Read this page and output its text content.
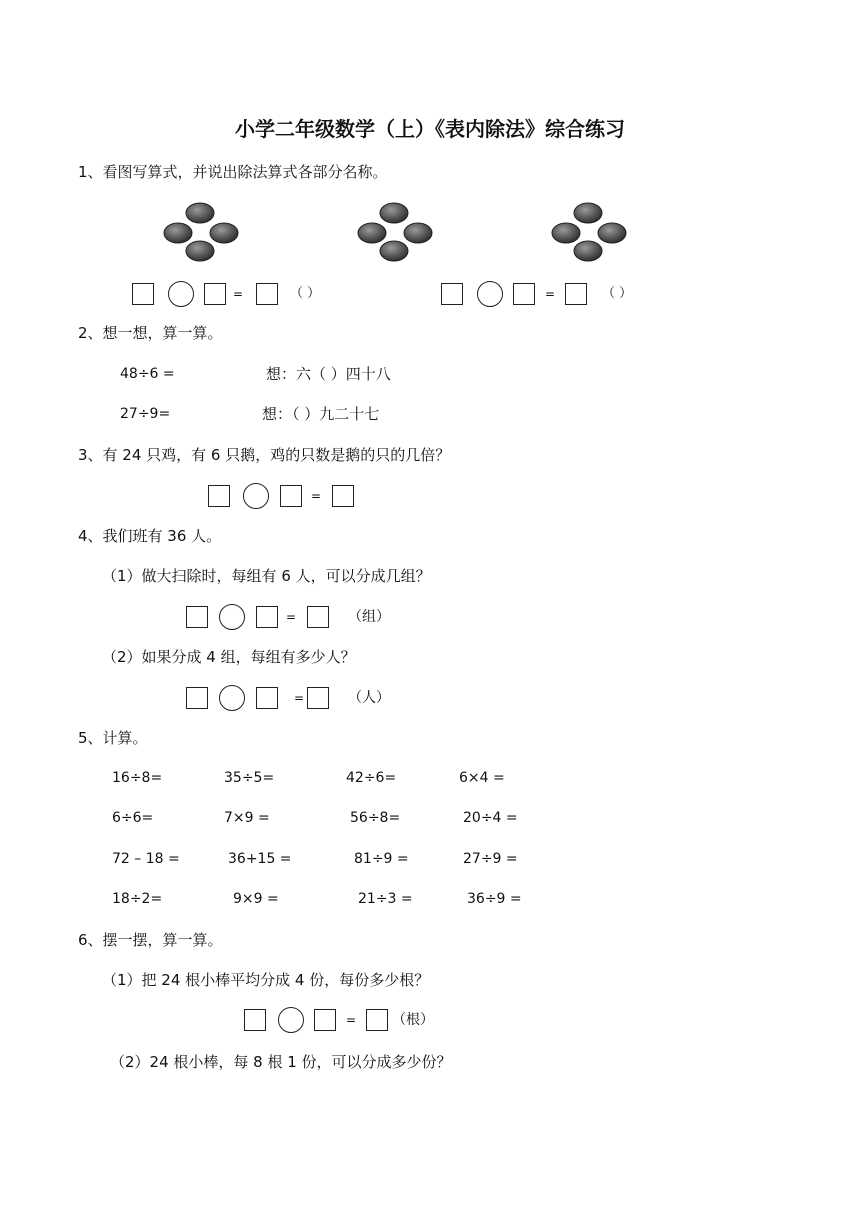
小学二年级数学（上）《表内除法》综合练习
1、看图写算式，并说出除法算式各部分名称。
=	（ ）	=	（ ）
2、想一想，算一算。
48÷6 =	想：六（ ）四十八
27÷9=	想：（ ）九二十七
3、有 24 只鸡，有 6 只鹅，鸡的只数是鹅的只的几倍？
=
4、我们班有 36 人。
（1）做大扫除时，每组有 6 人，可以分成几组？
=	（组）
（2）如果分成 4 组，每组有多少人？
=	（人）
5、计算。
16÷8=	35÷5=	42÷6=	6×4 =
6÷6=	7×9 =	56÷8=	20÷4 =
72 – 18 =	36+15 =	81÷9 =	27÷9 =
18÷2=	9×9 =	21÷3 =	36÷9 =
6、摆一摆，算一算。
（1）把 24 根小棒平均分成 4 份，每份多少根？
=	（根）
（2）24 根小棒，每 8 根 1 份，可以分成多少份？
